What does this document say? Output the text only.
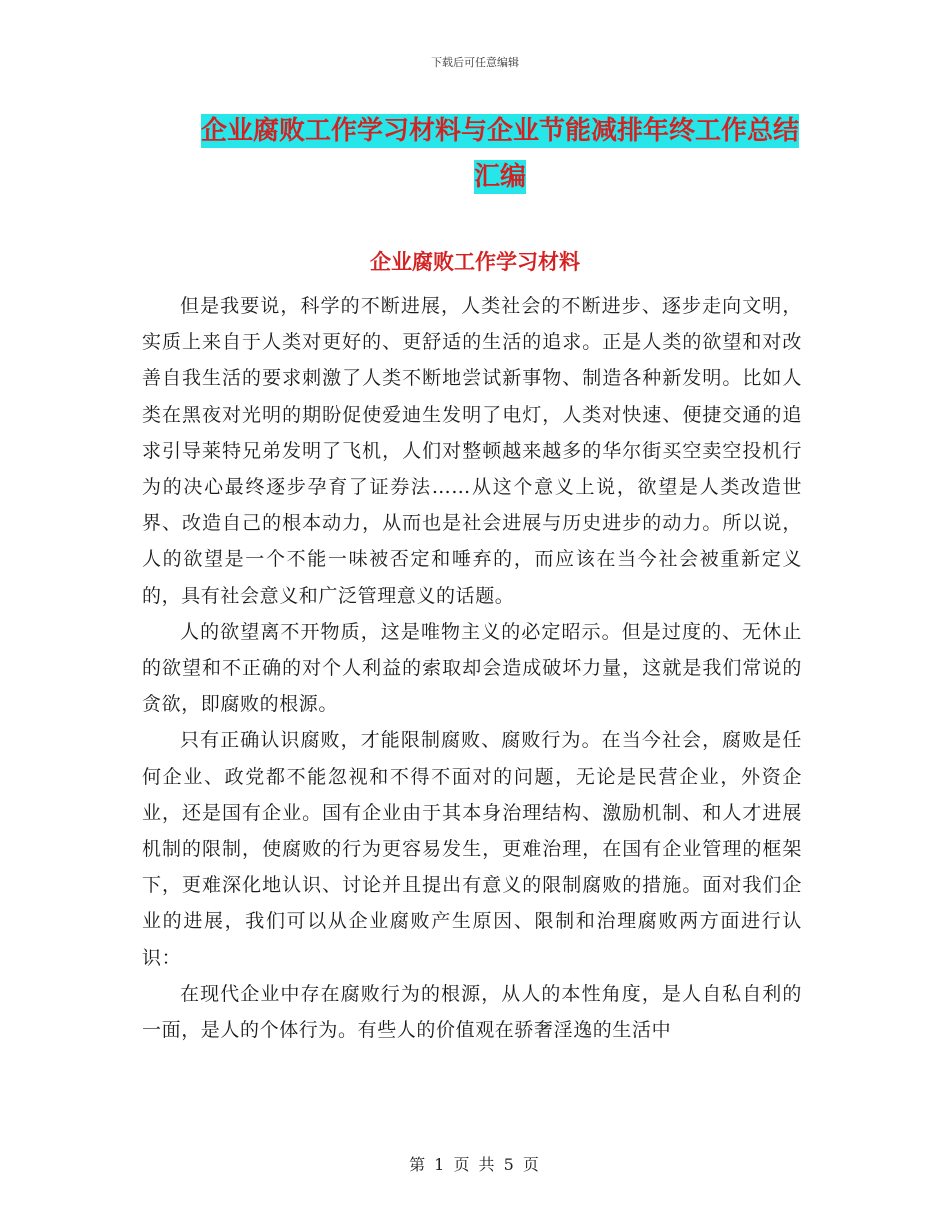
下载后可任意编辑
企业腐败工作学习材料与企业节能减排年终工作总结
汇编
企业腐败工作学习材料

但是我要说，科学的不断进展，人类社会的不断进步、逐步走向文明，实质上来自于人类对更好的、更舒适的生活的追求。正是人类的欲望和对改善自我生活的要求刺激了人类不断地尝试新事物、制造各种新发明。比如人类在黑夜对光明的期盼促使爱迪生发明了电灯，人类对快速、便捷交通的追求引导莱特兄弟发明了飞机，人们对整顿越来越多的华尔街买空卖空投机行为的决心最终逐步孕育了证券法……从这个意义上说，欲望是人类改造世界、改造自己的根本动力，从而也是社会进展与历史进步的动力。所以说，人的欲望是一个不能一味被否定和唾弃的，而应该在当今社会被重新定义的，具有社会意义和广泛管理意义的话题。

人的欲望离不开物质，这是唯物主义的必定昭示。但是过度的、无休止的欲望和不正确的对个人利益的索取却会造成破坏力量，这就是我们常说的贪欲，即腐败的根源。

只有正确认识腐败，才能限制腐败、腐败行为。在当今社会，腐败是任何企业、政党都不能忽视和不得不面对的问题，无论是民营企业，外资企业，还是国有企业。国有企业由于其本身治理结构、激励机制、和人才进展机制的限制，使腐败的行为更容易发生，更难治理，在国有企业管理的框架下，更难深化地认识、讨论并且提出有意义的限制腐败的措施。面对我们企业的进展，我们可以从企业腐败产生原因、限制和治理腐败两方面进行认识：

在现代企业中存在腐败行为的根源，从人的本性角度，是人自私自利的一面，是人的个体行为。有些人的价值观在骄奢淫逸的生活中

第 1 页 共 5 页
